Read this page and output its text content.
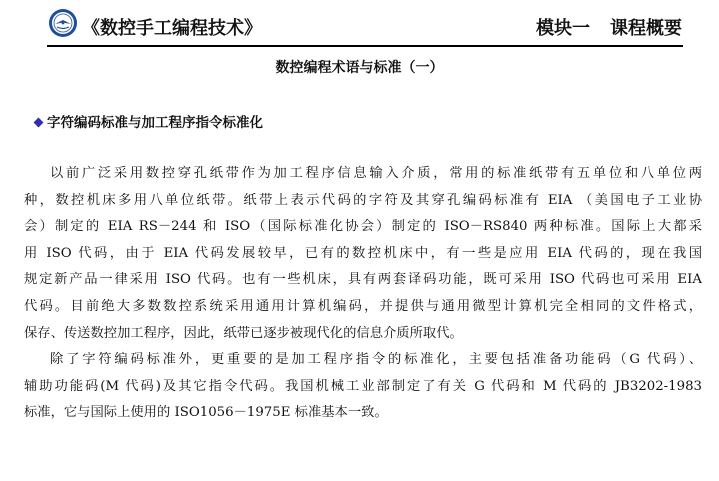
《数控手工编程技术》	模块一 课程概要
数控编程术语与标准（一）
字符编码标准与加工程序指令标准化
以前广泛采用数控穿孔纸带作为加工程序信息输入介质，常用的标准纸带有五单位和八单位两
种，数控机床多用八单位纸带。纸带上表示代码的字符及其穿孔编码标准有 EIA （美国电子工业协
会）制定的 EIA RS－244 和 ISO（国际标准化协会）制定的 ISO－RS840 两种标准。国际上大都采
用 ISO 代码，由于 EIA 代码发展较早，已有的数控机床中，有一些是应用 EIA 代码的，现在我国
规定新产品一律采用 ISO 代码。也有一些机床，具有两套译码功能，既可采用 ISO 代码也可采用 EIA
代码。目前绝大多数数控系统采用通用计算机编码，并提供与通用微型计算机完全相同的文件格式，
保存、传送数控加工程序，因此，纸带已逐步被现代化的信息介质所取代。
除了字符编码标准外，更重要的是加工程序指令的标准化，主要包括准备功能码（G 代码）、
辅助功能码(M 代码)及其它指令代码。我国机械工业部制定了有关 G 代码和 M 代码的 JB3202-1983
标准，它与国际上使用的 ISO1056－1975E 标准基本一致。
